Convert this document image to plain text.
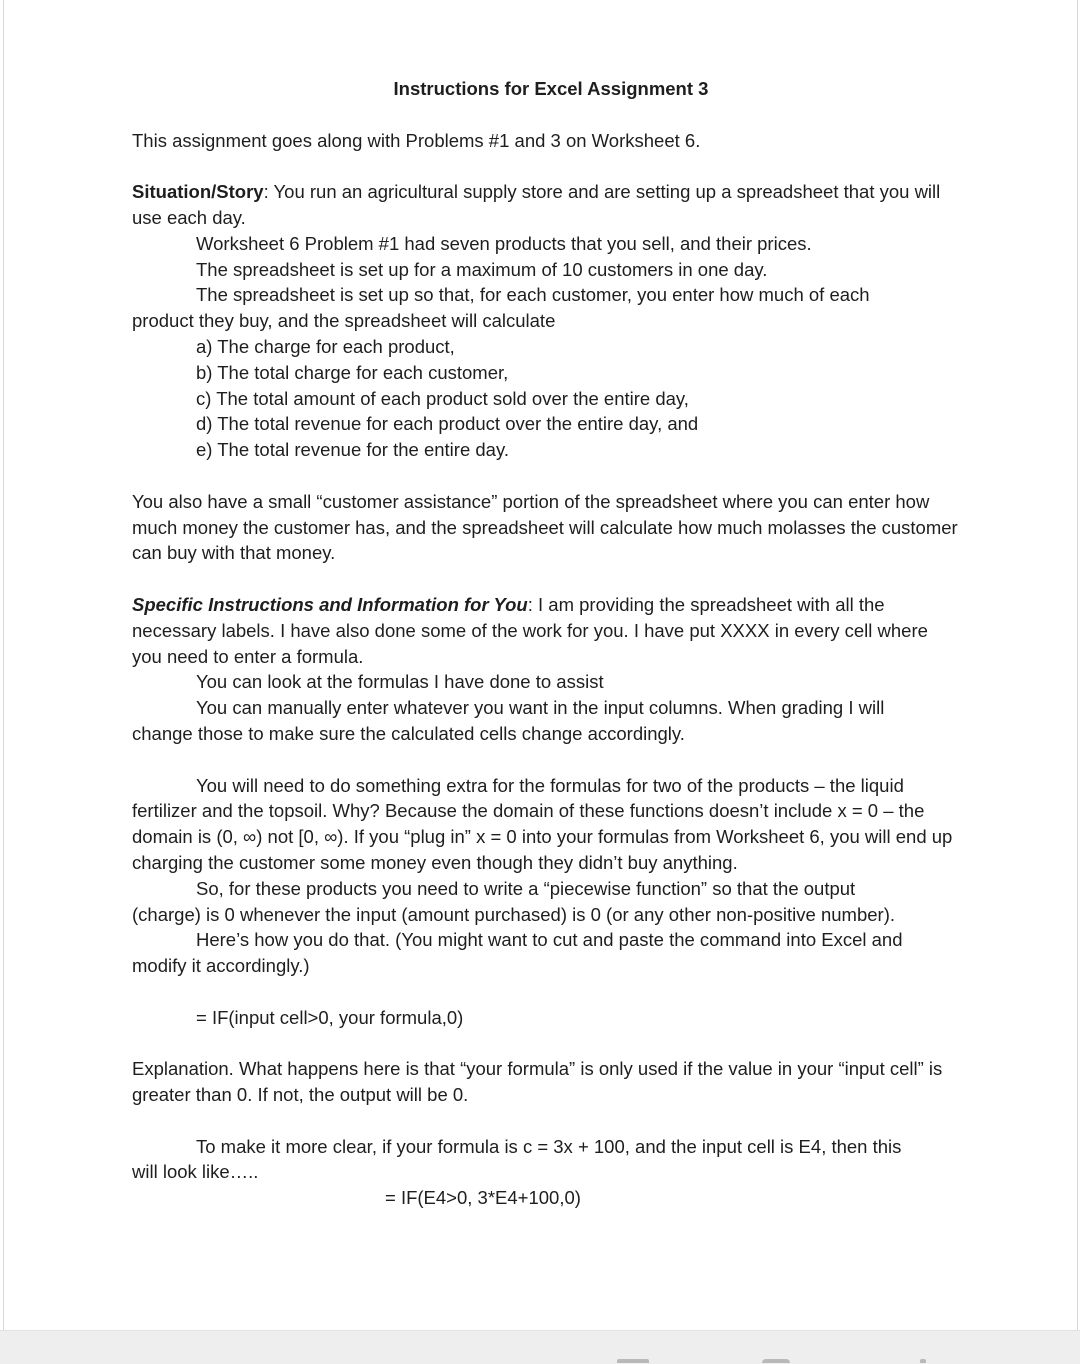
Instructions for Excel Assignment 3

This assignment goes along with Problems #1 and 3 on Worksheet 6.

Situation/Story: You run an agricultural supply store and are setting up a spreadsheet that you will use each day.

Worksheet 6 Problem #1 had seven products that you sell, and their prices.

The spreadsheet is set up for a maximum of 10 customers in one day.

The spreadsheet is set up so that, for each customer, you enter how much of each
product they buy, and the spreadsheet will calculate

a) The charge for each product,

b) The total charge for each customer,

c) The total amount of each product sold over the entire day,

d) The total revenue for each product over the entire day, and

e) The total revenue for the entire day.

You also have a small “customer assistance” portion of the spreadsheet where you can enter how much money the customer has, and the spreadsheet will calculate how much molasses the customer can buy with that money.

Specific Instructions and Information for You: I am providing the spreadsheet with all the necessary labels. I have also done some of the work for you. I have put XXXX in every cell where you need to enter a formula.

You can look at the formulas I have done to assist

You can manually enter whatever you want in the input columns. When grading I will
change those to make sure the calculated cells change accordingly.

You will need to do something extra for the formulas for two of the products – the liquid
fertilizer and the topsoil. Why? Because the domain of these functions doesn’t include x = 0 – the domain is (0, ∞) not [0, ∞). If you “plug in” x = 0 into your formulas from Worksheet 6, you will end up charging the customer some money even though they didn’t buy anything.

So, for these products you need to write a “piecewise function” so that the output
(charge) is 0 whenever the input (amount purchased) is 0 (or any other non-positive number).

Here’s how you do that. (You might want to cut and paste the command into Excel and
modify it accordingly.)

= IF(input cell>0, your formula,0)

Explanation. What happens here is that “your formula” is only used if the value in your “input cell” is greater than 0. If not, the output will be 0.

To make it more clear, if your formula is c = 3x + 100, and the input cell is E4, then this
will look like…..

= IF(E4>0, 3*E4+100,0)
